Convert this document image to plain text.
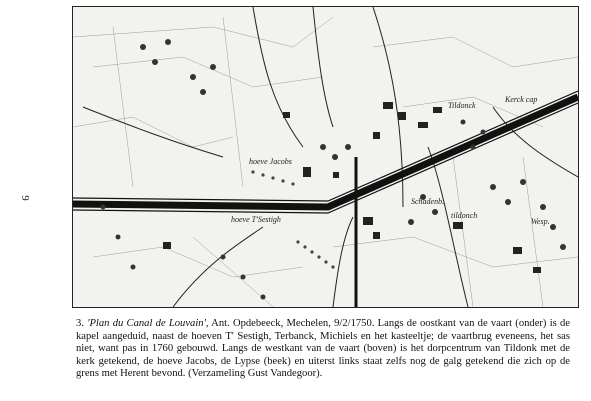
9
Tildonck
Kerck cap
hoeve Jacobs
hoeve T'Sestigh
Schadenb.
tildonch
Wesp.
3. 'Plan du Canal de Louvain', Ant. Opdebeeck, Mechelen, 9/2/1750. Langs de oostkant van de vaart (onder) is de kapel aangeduid, naast de hoeven T' Sestigh, Terbanck, Michiels en het kasteeltje; de vaartbrug eveneens, het sas niet, want pas in 1760 gebouwd. Langs de westkant van de vaart (boven) is het dorpcentrum van Tildonk met de kerk getekend, de hoeve Jacobs, de Lypse (beek) en uiterst links staat zelfs nog de galg getekend die zich op de grens met Herent bevond. (Verzameling Gust Vandegoor).
